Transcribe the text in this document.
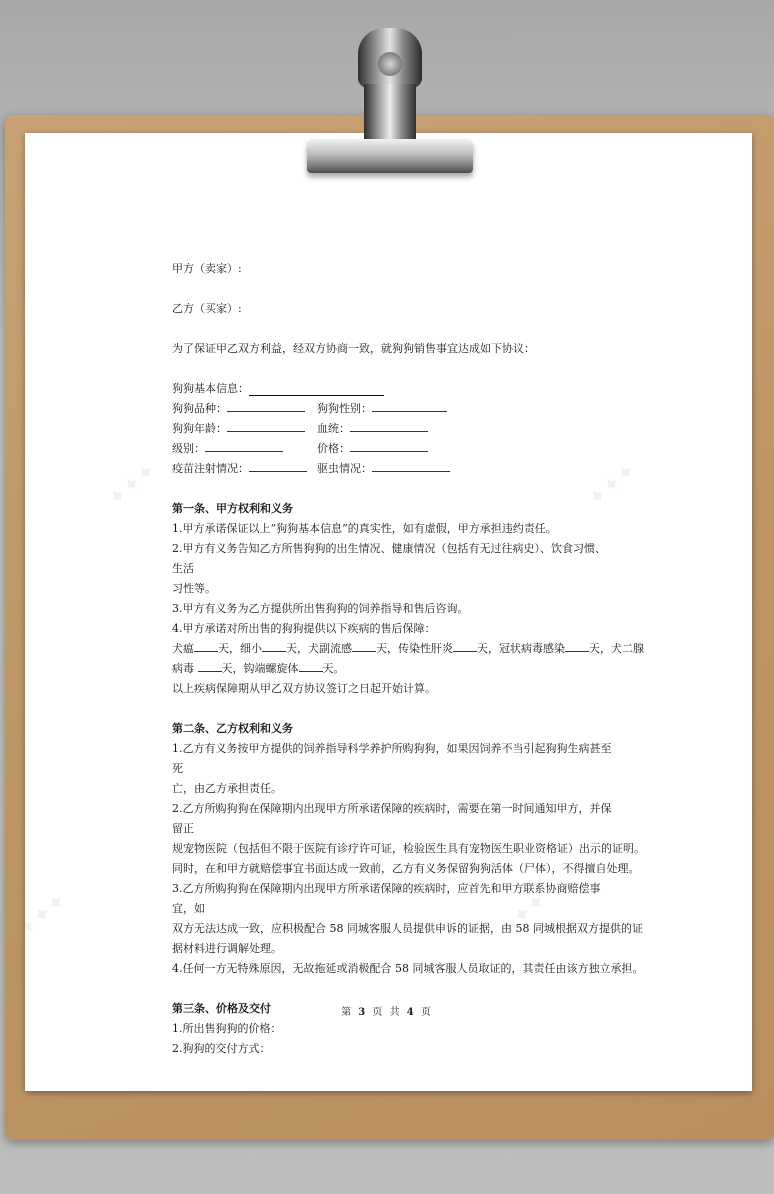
✦✦✦	✦✦✦
✦✦✦	✦✦✦

甲方（卖家）:

乙方（买家）:

为了保证甲乙双方利益，经双方协商一致，就狗狗销售事宜达成如下协议：

狗狗基本信息：
狗狗品种：	狗狗性别：
狗狗年龄：	血统：
级别：	价格：
疫苗注射情况：	驱虫情况：

第一条、甲方权利和义务

1.甲方承诺保证以上“狗狗基本信息”的真实性，如有虚假，甲方承担违约责任。

2.甲方有义务告知乙方所售狗狗的出生情况、健康情况（包括有无过往病史）、饮食习惯、生活

习性等。

3.甲方有义务为乙方提供所出售狗狗的饲养指导和售后咨询。

4.甲方承诺对所出售的狗狗提供以下疾病的售后保障：

犬瘟 天，细小 天，犬副流感 天，传染性肝炎 天，冠状病毒感染 天，犬二腺

病毒	天，钩端螺旋体 天。

以上疾病保障期从甲乙双方协议签订之日起开始计算。

第二条、乙方权利和义务

1.乙方有义务按甲方提供的饲养指导科学养护所购狗狗，如果因饲养不当引起狗狗生病甚至死

亡，由乙方承担责任。

2.乙方所购狗狗在保障期内出现甲方所承诺保障的疾病时，需要在第一时间通知甲方，并保留正

规宠物医院（包括但不限于医院有诊疗许可证，检验医生具有宠物医生职业资格证）出示的证明。

同时，在和甲方就赔偿事宜书面达成一致前，乙方有义务保留狗狗活体（尸体），不得擅自处理。

3.乙方所购狗狗在保障期内出现甲方所承诺保障的疾病时，应首先和甲方联系协商赔偿事宜，如

双方无法达成一致，应积极配合 58 同城客服人员提供申诉的证据，由 58 同城根据双方提供的证

据材料进行调解处理。

4.任何一方无特殊原因，无故拖延或消极配合 58 同城客服人员取证的，其责任由该方独立承担。

第三条、价格及交付

1.所出售狗狗的价格：

2.狗狗的交付方式：

第 3 页 共 4 页
